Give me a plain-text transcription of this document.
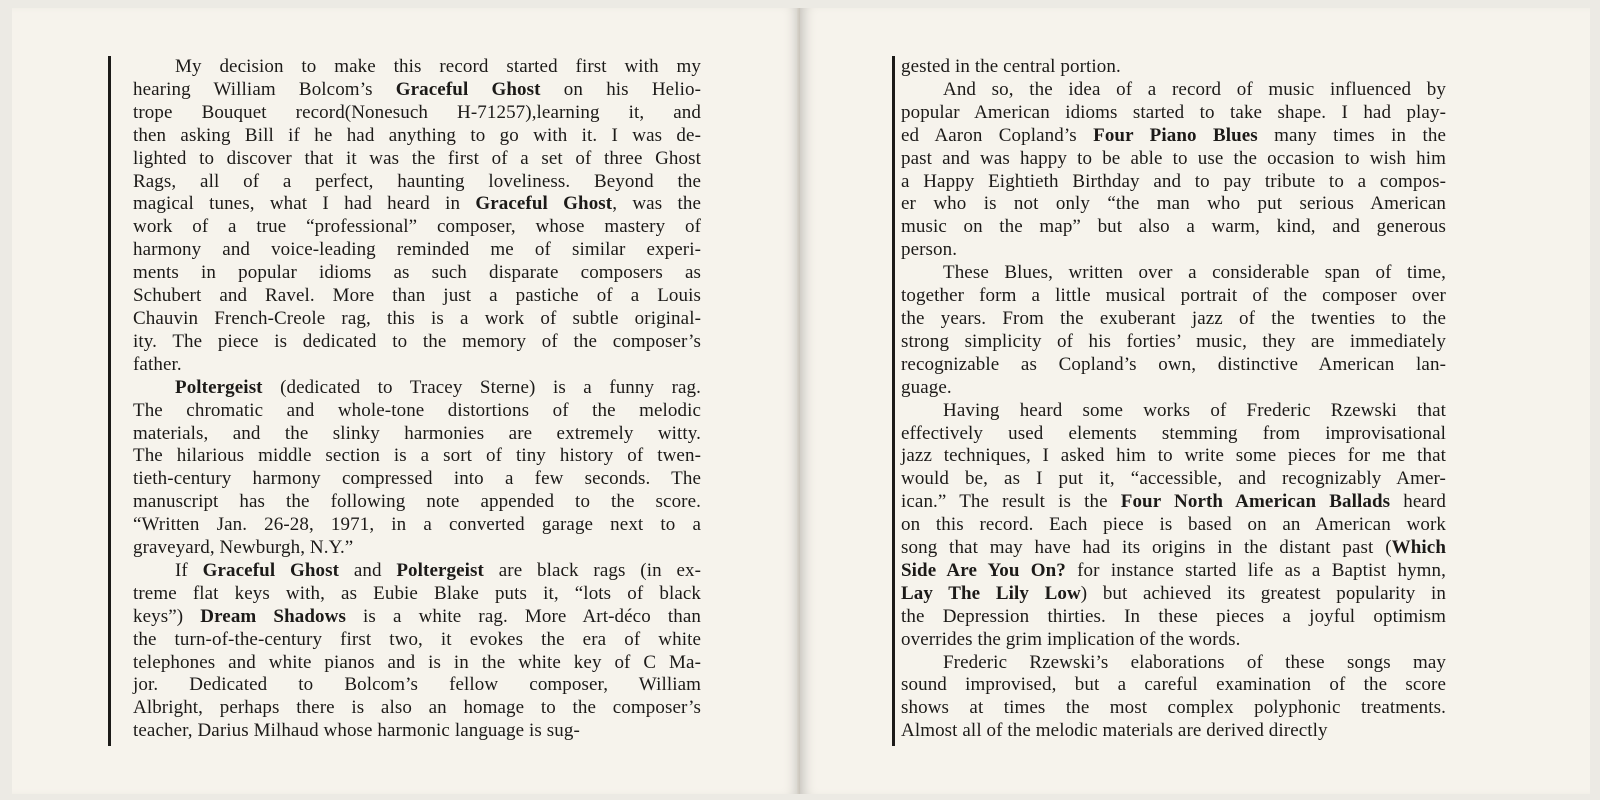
My decision to make this record started first with my
hearing William Bolcom’s Graceful Ghost on his Helio-
trope Bouquet record(Nonesuch H-71257),learning it, and
then asking Bill if he had anything to go with it. I was de-
lighted to discover that it was the first of a set of three Ghost
Rags, all of a perfect, haunting loveliness. Beyond the
magical tunes, what I had heard in Graceful Ghost, was the
work of a true “professional” composer, whose mastery of
harmony and voice-leading reminded me of similar experi-
ments in popular idioms as such disparate composers as
Schubert and Ravel. More than just a pastiche of a Louis
Chauvin French-Creole rag, this is a work of subtle original-
ity. The piece is dedicated to the memory of the composer’s
father.

Poltergeist (dedicated to Tracey Sterne) is a funny rag.
The chromatic and whole-tone distortions of the melodic
materials, and the slinky harmonies are extremely witty.
The hilarious middle section is a sort of tiny history of twen-
tieth-century harmony compressed into a few seconds. The
manuscript has the following note appended to the score.
“Written Jan. 26-28, 1971, in a converted garage next to a
graveyard, Newburgh, N.Y.”

If Graceful Ghost and Poltergeist are black rags (in ex-
treme flat keys with, as Eubie Blake puts it, “lots of black
keys”) Dream Shadows is a white rag. More Art-déco than
the turn-of-the-century first two, it evokes the era of white
telephones and white pianos and is in the white key of C Ma-
jor. Dedicated to Bolcom’s fellow composer, William
Albright, perhaps there is also an homage to the composer’s
teacher, Darius Milhaud whose harmonic language is sug-

gested in the central portion.

And so, the idea of a record of music influenced by
popular American idioms started to take shape. I had play-
ed Aaron Copland’s Four Piano Blues many times in the
past and was happy to be able to use the occasion to wish him
a Happy Eightieth Birthday and to pay tribute to a compos-
er who is not only “the man who put serious American
music on the map” but also a warm, kind, and generous
person.

These Blues, written over a considerable span of time,
together form a little musical portrait of the composer over
the years. From the exuberant jazz of the twenties to the
strong simplicity of his forties’ music, they are immediately
recognizable as Copland’s own, distinctive American lan-
guage.

Having heard some works of Frederic Rzewski that
effectively used elements stemming from improvisational
jazz techniques, I asked him to write some pieces for me that
would be, as I put it, “accessible, and recognizably Amer-
ican.” The result is the Four North American Ballads heard
on this record. Each piece is based on an American work
song that may have had its origins in the distant past (Which
Side Are You On? for instance started life as a Baptist hymn,
Lay The Lily Low) but achieved its greatest popularity in
the Depression thirties. In these pieces a joyful optimism
overrides the grim implication of the words.

Frederic Rzewski’s elaborations of these songs may
sound improvised, but a careful examination of the score
shows at times the most complex polyphonic treatments.
Almost all of the melodic materials are derived directly
